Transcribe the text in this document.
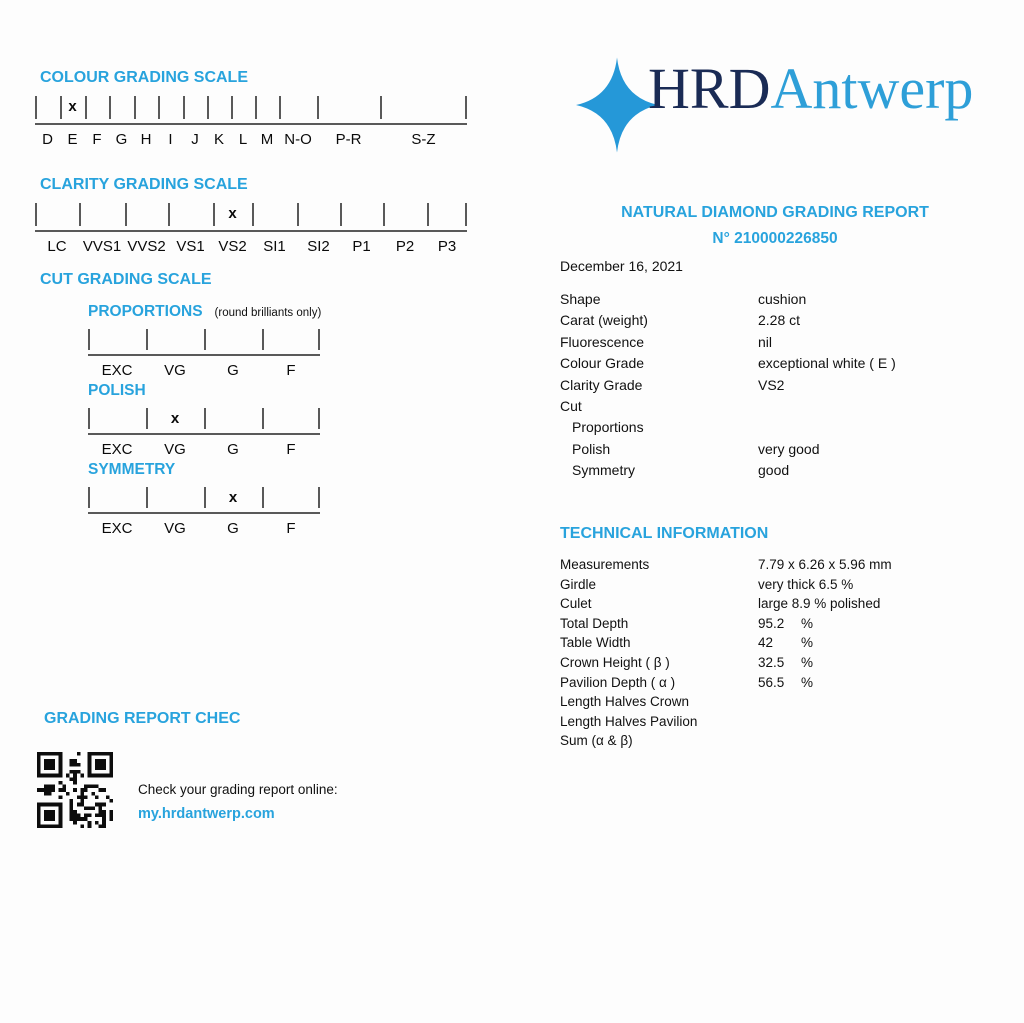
COLOUR GRADING SCALE
x
D E F G H I J K L M N-O P-R	S-Z
CLARITY GRADING SCALE
x
LC VVS1 VVS2 VS1 VS2 SI1 SI2 P1 P2 P3
CUT GRADING SCALE
PROPORTIONS (round brilliants only)
EXC VG	G	F
POLISH
x
EXC VG	G	F
SYMMETRY
x
EXC VG	G	F
GRADING REPORT CHEC
Check your grading report online:
my.hrdantwerp.com
HRDAntwerp
NATURAL DIAMOND GRADING REPORT
N° 210000226850
December 16, 2021
Shape	cushion
Carat (weight)	2.28 ct
Fluorescence	nil
Colour Grade	exceptional white ( E )
Clarity Grade	VS2
Cut
Proportions
Polish	very good
Symmetry	good
TECHNICAL INFORMATION
Measurements	7.79 x 6.26 x 5.96 mm
Girdle	very thick 6.5 %
Culet	large 8.9 % polished
Total Depth	95.2 %
Table Width	42 %
Crown Height ( β )	32.5 %
Pavilion Depth ( α )	56.5 %
Length Halves Crown
Length Halves Pavilion
Sum (α & β)
